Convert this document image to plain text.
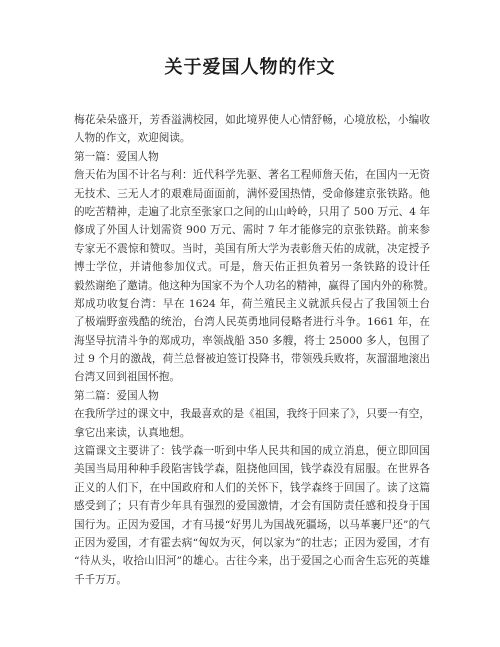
关于爱国人物的作文
梅花朵朵盛开，芳香溢满校园，如此境界使人心情舒畅，心境放松，小编收
人物的作文，欢迎阅读。
第一篇：爱国人物
詹天佑为国不计名与利：近代科学先驱、著名工程师詹天佑，在国内一无资
无技术、三无人才的艰难局面面前，满怀爱国热情，受命修建京张铁路。他
的吃苦精神，走遍了北京至张家口之间的山山岭岭，只用了 500 万元、4 年
修成了外国人计划需资 900 万元、需时 7 年才能修完的京张铁路。前来参
专家无不震惊和赞叹。当时，美国有所大学为表彰詹天佑的成就，决定授予
博士学位，并请他参加仪式。可是，詹天佑正担负着另一条铁路的设计任
毅然谢绝了邀请。他这种为国家不为个人功名的精神，赢得了国内外的称赞。
郑成功收复台湾：早在 1624 年，荷兰殖民主义就派兵侵占了我国领土台
了极端野蛮残酷的统治，台湾人民英勇地同侵略者进行斗争。1661 年，在
海坚导抗清斗争的郑成功，率领战船 350 多艘，将士 25000 多人，包围了
过 9 个月的激战，荷兰总督被迫签订投降书，带领残兵败将，灰溜溜地滚出
台湾又回到祖国怀抱。
第二篇：爱国人物
在我所学过的课文中，我最喜欢的是《祖国，我终于回来了》，只要一有空，
拿它出来读，认真地想。
这篇课文主要讲了：钱学森一听到中华人民共和国的成立消息，便立即回国
美国当局用种种手段陷害钱学森，阻挠他回国，钱学森没有屈服。在世界各
正义的人们下，在中国政府和人们的关怀下，钱学森终于回国了。读了这篇
感受到了；只有青少年具有强烈的爱国激情，才会有国防责任感和投身于国
国行为。正因为爱国，才有马援“好男儿为国战死疆场，以马革裹尸还”的气
正因为爱国，才有霍去病“匈奴为灭，何以家为”的壮志；正因为爱国，才有
“待从头，收拾山旧河”的雄心。古往今来，出于爱国之心而舍生忘死的英雄
千千万万。
